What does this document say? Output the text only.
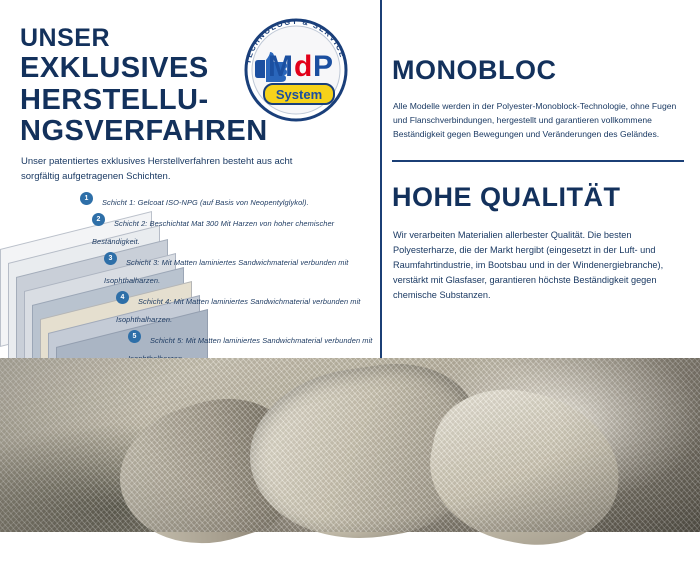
UNSER
EXKLUSIVES
HERSTELLU-
NGSVERFAHREN
Unser patentiertes exklusives Herstellverfahren besteht aus acht sorgfältig aufgetragenen Schichten.
TECHNOLOGY & SERVICE
M d P
System
1	Schicht 1: Gelcoat ISO-NPG (auf Basis von Neopentylglykol).
2	Schicht 2: Beschichtat Mat 300 Mit Harzen von hoher chemischer Beständigkeit.
3	Schicht 3: Mit Matten laminiertes Sandwichmaterial verbunden mit Isophthalharzen.
4	Schicht 4: Mit Matten laminiertes Sandwichmaterial verbunden mit Isophthalharzen.
5	Schicht 5: Mit Matten laminiertes Sandwichmaterial verbunden mit
MONOBLOC
Alle Modelle werden in der Polyester-Monoblock-Technologie, ohne Fugen und Flanschverbindungen, hergestellt und garantieren vollkommene Beständigkeit gegen Bewegungen und Veränderungen des Geländes.
HOHE QUALITÄT
Wir verarbeiten Materialien allerbester Qualität. Die besten Polyesterharze, die der Markt hergibt (eingesetzt in der Luft- und Raumfahrtindustrie, im Bootsbau und in der Windenergiebranche), verstärkt mit Glasfaser, garantieren höchste Beständigkeit gegen chemische Substanzen.
